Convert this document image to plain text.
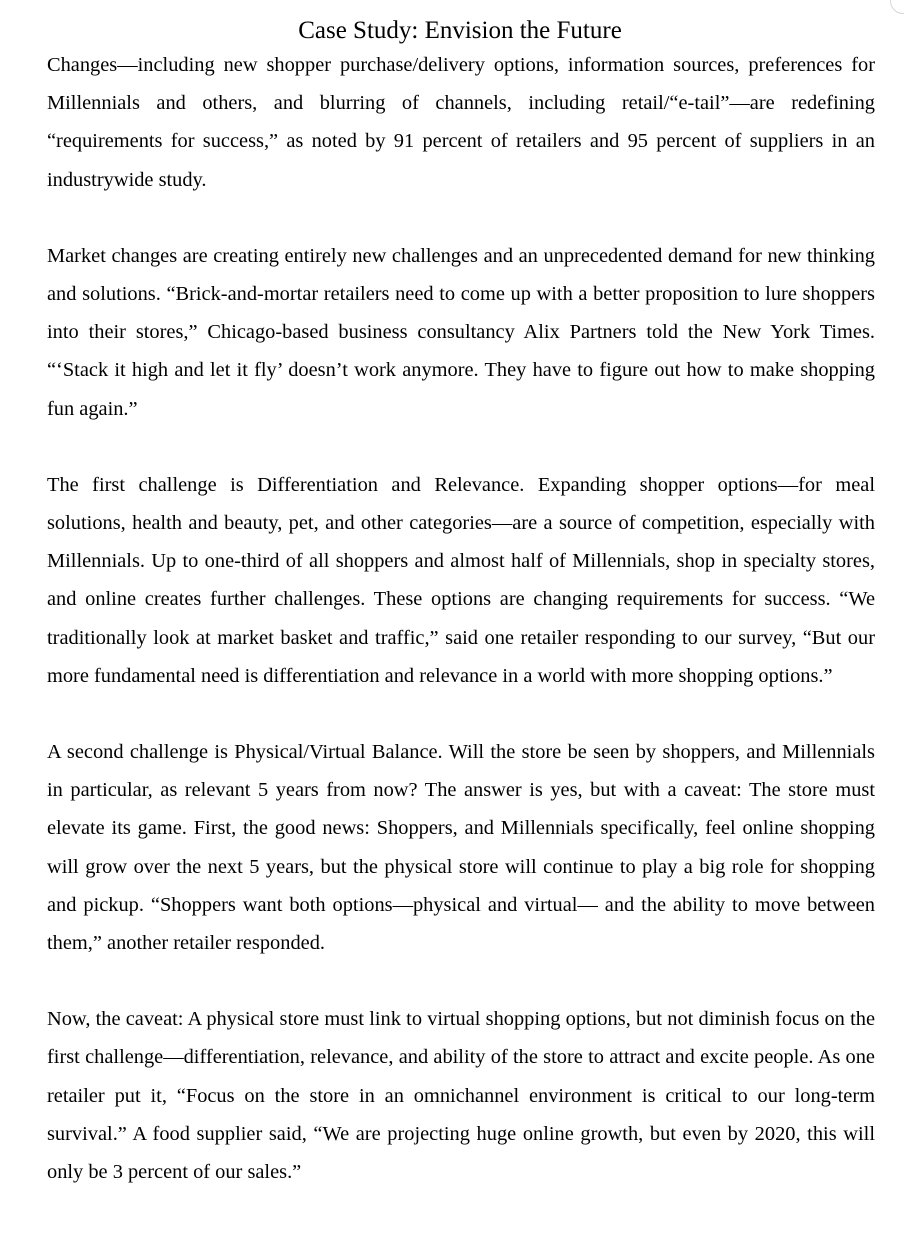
Case Study: Envision the Future

Changes—including new shopper purchase/delivery options, information sources, preferences for Millennials and others, and blurring of channels, including retail/“e-tail”—are redefining “requirements for success,” as noted by 91 percent of retailers and 95 percent of suppliers in an industrywide study.

Market changes are creating entirely new challenges and an unprecedented demand for new thinking and solutions. “Brick-and-mortar retailers need to come up with a better proposition to lure shoppers into their stores,” Chicago-based business consultancy Alix Partners told the New York Times. “‘Stack it high and let it fly’ doesn’t work anymore. They have to figure out how to make shopping fun again.”

The first challenge is Differentiation and Relevance. Expanding shopper options—for meal solutions, health and beauty, pet, and other categories—are a source of competition, especially with Millennials. Up to one-third of all shoppers and almost half of Millennials, shop in specialty stores, and online creates further challenges. These options are changing requirements for success. “We traditionally look at market basket and traffic,” said one retailer responding to our survey, “But our more fundamental need is differentiation and relevance in a world with more shopping options.”

A second challenge is Physical/Virtual Balance. Will the store be seen by shoppers, and Millennials in particular, as relevant 5 years from now? The answer is yes, but with a caveat: The store must elevate its game. First, the good news: Shoppers, and Millennials specifically, feel online shopping will grow over the next 5 years, but the physical store will continue to play a big role for shopping and pickup. “Shoppers want both options—physical and virtual— and the ability to move between them,” another retailer responded.

Now, the caveat: A physical store must link to virtual shopping options, but not diminish focus on the first challenge—differentiation, relevance, and ability of the store to attract and excite people. As one retailer put it, “Focus on the store in an omnichannel environment is critical to our long-term survival.” A food supplier said, “We are projecting huge online growth, but even by 2020, this will only be 3 percent of our sales.”
